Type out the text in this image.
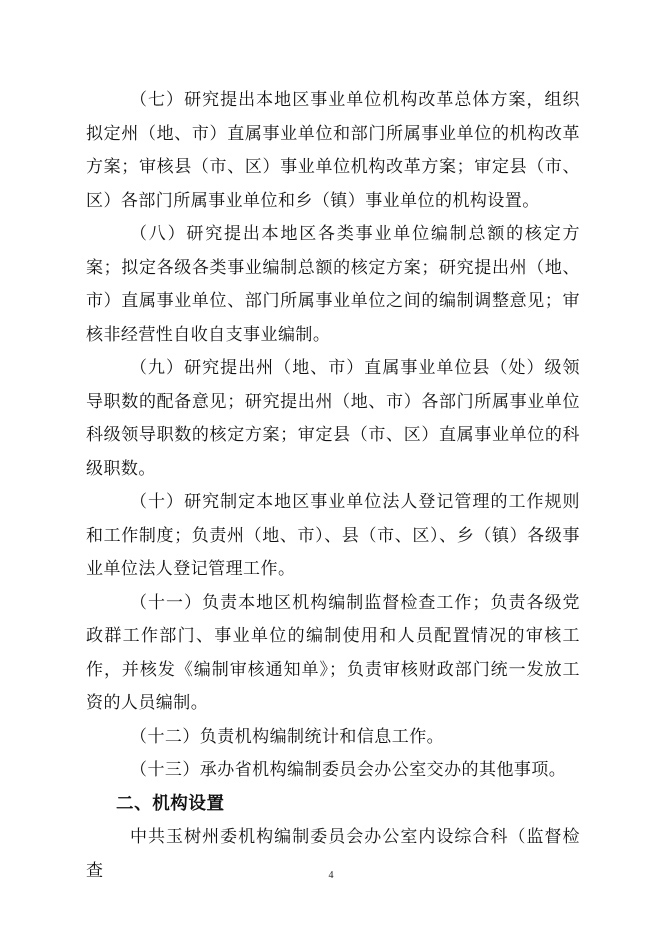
（七）研究提出本地区事业单位机构改革总体方案，组织拟定州（地、市）直属事业单位和部门所属事业单位的机构改革方案；审核县（市、区）事业单位机构改革方案；审定县（市、区）各部门所属事业单位和乡（镇）事业单位的机构设置。

（八）研究提出本地区各类事业单位编制总额的核定方案；拟定各级各类事业编制总额的核定方案；研究提出州（地、市）直属事业单位、部门所属事业单位之间的编制调整意见；审核非经营性自收自支事业编制。

（九）研究提出州（地、市）直属事业单位县（处）级领导职数的配备意见；研究提出州（地、市）各部门所属事业单位科级领导职数的核定方案；审定县（市、区）直属事业单位的科级职数。

（十）研究制定本地区事业单位法人登记管理的工作规则和工作制度；负责州（地、市）、县（市、区）、乡（镇）各级事业单位法人登记管理工作。

（十一）负责本地区机构编制监督检查工作；负责各级党政群工作部门、事业单位的编制使用和人员配置情况的审核工作，并核发《编制审核通知单》；负责审核财政部门统一发放工资的人员编制。

（十二）负责机构编制统计和信息工作。

（十三）承办省机构编制委员会办公室交办的其他事项。

二、机构设置

中共玉树州委机构编制委员会办公室内设综合科（监督检查	4
